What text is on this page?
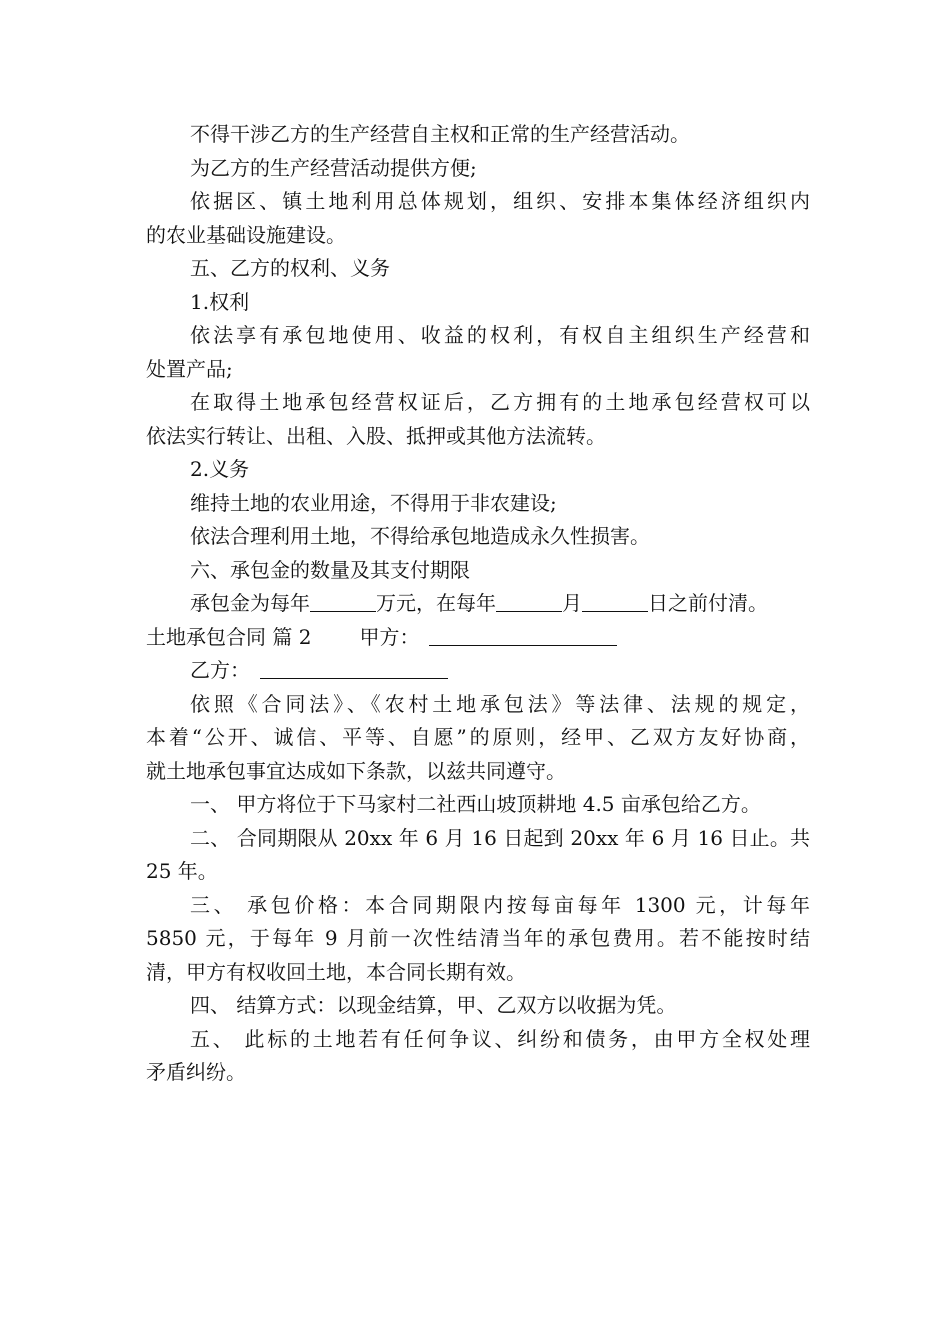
不得干涉乙方的生产经营自主权和正常的生产经营活动。

为乙方的生产经营活动提供方便;

依据区、镇土地利用总体规划，组织、安排本集体经济组织内

的农业基础设施建设。

五、乙方的权利、义务

1.权利

依法享有承包地使用、收益的权利，有权自主组织生产经营和

处置产品;

在取得土地承包经营权证后，乙方拥有的土地承包经营权可以

依法实行转让、出租、入股、抵押或其他方法流转。

2.义务

维持土地的农业用途，不得用于非农建设;

依法合理利用土地，不得给承包地造成永久性损害。

六、承包金的数量及其支付期限

承包金为每年	万元，在每年	月	日之前付清。

土地承包合同 篇 2 甲方：

乙方：

依照《合同法》、《农村土地承包法》等法律、法规的规定，

本着“公开、诚信、平等、自愿”的原则，经甲、乙双方友好协商，

就土地承包事宜达成如下条款，以兹共同遵守。

一、 甲方将位于下马家村二社西山坡顶耕地 4.5 亩承包给乙方。

二、 合同期限从 20xx 年 6 月 16 日起到 20xx 年 6 月 16 日止。共

25 年。

三、 承包价格：本合同期限内按每亩每年 1300 元，计每年

5850 元，于每年 9 月前一次性结清当年的承包费用。若不能按时结

清，甲方有权收回土地，本合同长期有效。

四、 结算方式：以现金结算，甲、乙双方以收据为凭。

五、 此标的土地若有任何争议、纠纷和债务，由甲方全权处理

矛盾纠纷。
